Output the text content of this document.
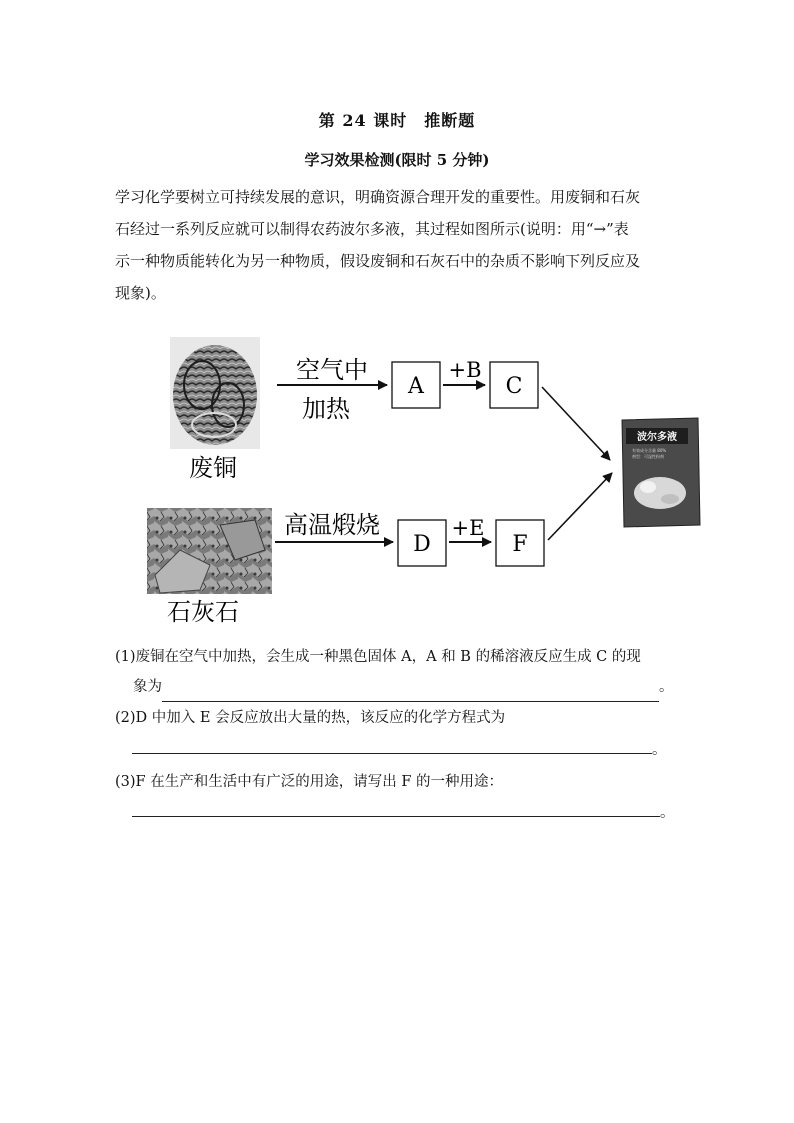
第 24 课时　推断题
学习效果检测(限时 5 分钟)

学习化学要树立可持续发展的意识，明确资源合理开发的重要性。用废铜和石灰

石经过一系列反应就可以制得农药波尔多液，其过程如图所示(说明：用“→”表

示一种物质能转化为另一种物质，假设废铜和石灰石中的杂质不影响下列反应及

现象)。

废铜
空气中
加热
A
+B
C
石灰石
高温煅烧
D
+E
F
波尔多液
有效成分含量 80%
剂型：可湿性粉剂
(1)废铜在空气中加热，会生成一种黑色固体 A，A 和 B 的稀溶液反应生成 C 的现
象为	。
(2)D 中加入 E 会反应放出大量的热，该反应的化学方程式为
。
(3)F 在生产和生活中有广泛的用途，请写出 F 的一种用途：
。
